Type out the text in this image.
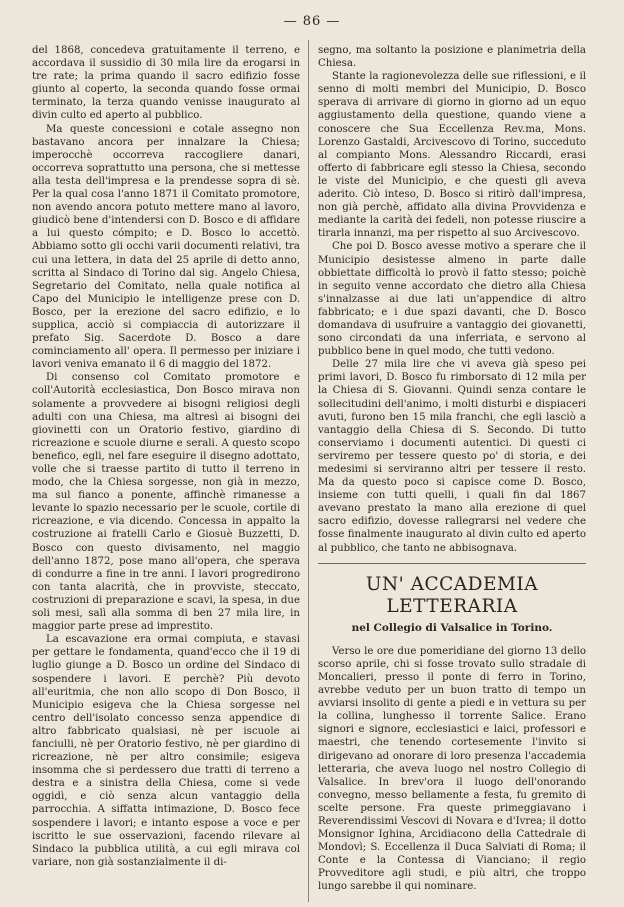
— 86 —

del 1868, concedeva gratuitamente il terreno, e accordava il sussidio di 30 mila lire da erogarsi in tre rate; la prima quando il sacro edifizio fosse giunto al coperto, la seconda quando fosse ormai terminato, la terza quando venisse inaugurato al divin culto ed aperto al pubblico.

Ma queste concessioni e cotale assegno non bastavano ancora per innalzare la Chiesa; imperocchè occorreva raccogliere danari, occorreva soprattutto una persona, che si mettesse alla testa dell'impresa e la prendesse sopra di sè. Per la qual cosa l'anno 1871 il Comitato promotore, non avendo ancora potuto mettere mano al lavoro, giudicò bene d'intendersi con D. Bosco e di affidare a lui questo cómpito; e D. Bosco lo accettò. Abbiamo sotto gli occhi varii documenti relativi, tra cui una lettera, in data del 25 aprile di detto anno, scritta al Sindaco di Torino dal sig. Angelo Chiesa, Segretario del Comitato, nella quale notifica al Capo del Municipio le intelligenze prese con D. Bosco, per la erezione del sacro edifizio, e lo supplica, acciò si compiaccia di autorizzare il prefato Sig. Sacerdote D. Bosco a dare cominciamento all' opera. Il permesso per iniziare i lavori veniva emanato il 6 di maggio del 1872.

Di consenso col Comitato promotore e coll'Autorità ecclesiastica, Don Bosco mirava non solamente a provvedere ai bisogni religiosi degli adulti con una Chiesa, ma altresì ai bisogni dei giovinetti con un Oratorio festivo, giardino di ricreazione e scuole diurne e serali. A questo scopo benefico, egli, nel fare eseguire il disegno adottato, volle che si traesse partito di tutto il terreno in modo, che la Chiesa sorgesse, non già in mezzo, ma sul fianco a ponente, affinchè rimanesse a levante lo spazio necessario per le scuole, cortile di ricreazione, e via dicendo. Concessa in appalto la costruzione ai fratelli Carlo e Giosuè Buzzetti, D. Bosco con questo divisamento, nel maggio dell'anno 1872, pose mano all'opera, che sperava di condurre a fine in tre anni. I lavori progredirono con tanta alacrità, che in provviste, steccato, costruzioni di preparazione e scavi, la spesa, in due soli mesi, salì alla somma di ben 27 mila lire, in maggior parte prese ad imprestito.

La escavazione era ormai compiuta, e stavasi per gettare le fondamenta, quand'ecco che il 19 di luglio giunge a D. Bosco un ordine del Sindaco di sospendere i lavori. E perchè? Più devoto all'euritmia, che non allo scopo di Don Bosco, il Municipio esigeva che la Chiesa sorgesse nel centro dell'isolato concesso senza appendice di altro fabbricato qualsiasi, nè per iscuole ai fanciulli, nè per Oratorio festivo, nè per giardino di ricreazione, nè per altro consimile; esigeva insomma che si perdessero due tratti di terreno a destra e a sinistra della Chiesa, come si vede oggidì, e ciò senza alcun vantaggio della parrocchia. A siffatta intimazione, D. Bosco fece sospendere i lavori; e intanto espose a voce e per iscritto le sue osservazioni, facendo rilevare al Sindaco la pubblica utilità, a cui egli mirava col variare, non già sostanzialmente il di-

segno, ma soltanto la posizione e planimetria della Chiesa.

Stante la ragionevolezza delle sue riflessioni, e il senno di molti membri del Municipio, D. Bosco sperava di arrivare di giorno in giorno ad un equo aggiustamento della questione, quando viene a conoscere che Sua Eccellenza Rev.ma, Mons. Lorenzo Gastaldi, Arcivescovo di Torino, succeduto al compianto Mons. Alessandro Riccardi, erasi offerto di fabbricare egli stesso la Chiesa, secondo le viste del Municipio, e che questi gli aveva aderito. Ciò inteso, D. Bosco si ritirò dall'impresa, non già perchè, affidato alla divina Provvidenza e mediante la carità dei fedeli, non potesse riuscire a tirarla innanzi, ma per rispetto al suo Arcivescovo.

Che poi D. Bosco avesse motivo a sperare che il Municipio desistesse almeno in parte dalle obbiettate difficoltà lo provò il fatto stesso; poichè in seguito venne accordato che dietro alla Chiesa s'innalzasse ai due lati un'appendice di altro fabbricato; e i due spazi davanti, che D. Bosco domandava di usufruire a vantaggio dei giovanetti, sono circondati da una inferriata, e servono al pubblico bene in quel modo, che tutti vedono.

Delle 27 mila lire che vi aveva già speso pei primi lavori, D. Bosco fu rimborsato di 12 mila per la Chiesa di S. Giovanni. Quindi senza contare le sollecitudini dell'animo, i molti disturbi e dispiaceri avuti, furono ben 15 mila franchi, che egli lasciò a vantaggio della Chiesa di S. Secondo. Di tutto conserviamo i documenti autentici. Di questi ci serviremo per tessere questo po' di storia, e dei medesimi si serviranno altri per tessere il resto. Ma da questo poco si capisce come D. Bosco, insieme con tutti quelli, i quali fin dal 1867 avevano prestato la mano alla erezione di quel sacro edifizio, dovesse rallegrarsi nel vedere che fosse finalmente inaugurato al divin culto ed aperto al pubblico, che tanto ne abbisognava.

UN' ACCADEMIA LETTERARIA
nel Collegio di Valsalice in Torino.

Verso le ore due pomeridiane del giorno 13 dello scorso aprile, chi si fosse trovato sullo stradale di Moncalieri, presso il ponte di ferro in Torino, avrebbe veduto per un buon tratto di tempo un avviarsi insolito di gente a piedi e in vettura su per la collina, lunghesso il torrente Salice. Erano signori e signore, ecclesiastici e laici, professori e maestri, che tenendo cortesemente l'invito si dirigevano ad onorare di loro presenza l'accademia letteraria, che aveva luogo nel nostro Collegio di Valsalice. In brev'ora il luogo dell'onorando convegno, messo bellamente a festa, fu gremito di scelte persone. Fra queste primeggiavano i Reverendissimi Vescovi di Novara e d'Ivrea; il dotto Monsignor Ighina, Arcidiacono della Cattedrale di Mondovì; S. Eccellenza il Duca Salviati di Roma; il Conte e la Contessa di Vianciano; il regio Provveditore agli studi, e più altri, che troppo lungo sarebbe il qui nominare.
